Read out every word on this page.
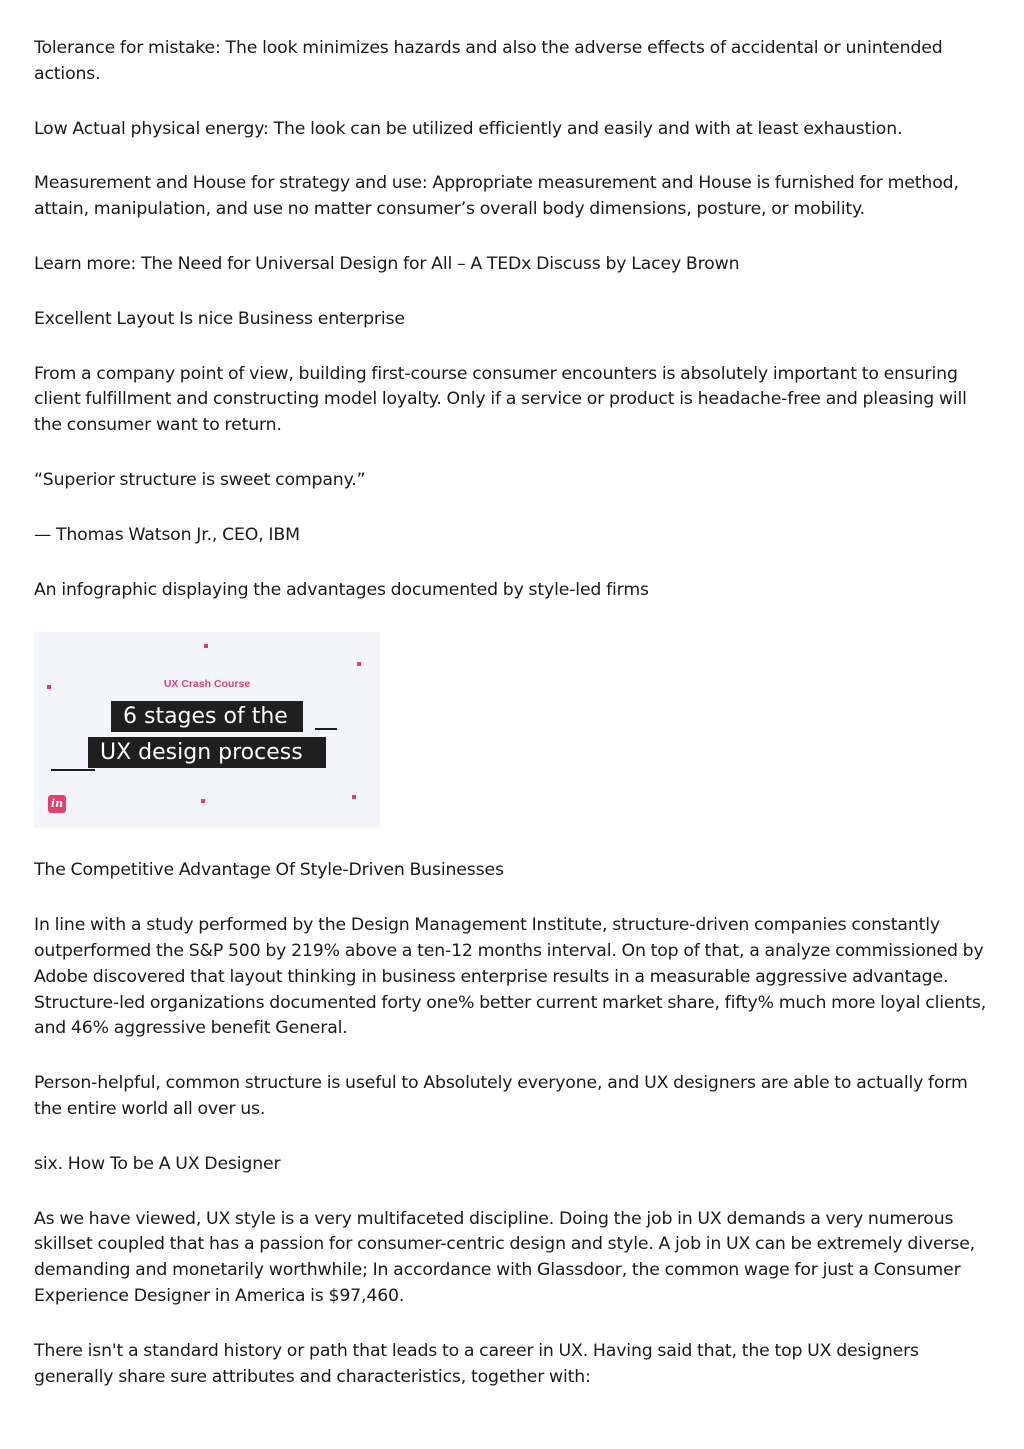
Tolerance for mistake: The look minimizes hazards and also the adverse effects of accidental or unintended actions.

Low Actual physical energy: The look can be utilized efficiently and easily and with at least exhaustion.

Measurement and House for strategy and use: Appropriate measurement and House is furnished for method, attain, manipulation, and use no matter consumer’s overall body dimensions, posture, or mobility.

Learn more: The Need for Universal Design for All – A TEDx Discuss by Lacey Brown

Excellent Layout Is nice Business enterprise

From a company point of view, building first-course consumer encounters is absolutely important to ensuring client fulfillment and constructing model loyalty. Only if a service or product is headache-free and pleasing will the consumer want to return.

“Superior structure is sweet company.”

— Thomas Watson Jr., CEO, IBM

An infographic displaying the advantages documented by style-led firms

UX Crash Course
6 stages of the
UX design process
in

The Competitive Advantage Of Style-Driven Businesses

In line with a study performed by the Design Management Institute, structure-driven companies constantly outperformed the S&P 500 by 219% above a ten-12 months interval. On top of that, a analyze commissioned by Adobe discovered that layout thinking in business enterprise results in a measurable aggressive advantage. Structure-led organizations documented forty one% better current market share, fifty% much more loyal clients, and 46% aggressive benefit General.

Person-helpful, common structure is useful to Absolutely everyone, and UX designers are able to actually form the entire world all over us.

six. How To be A UX Designer

As we have viewed, UX style is a very multifaceted discipline. Doing the job in UX demands a very numerous skillset coupled that has a passion for consumer-centric design and style. A job in UX can be extremely diverse, demanding and monetarily worthwhile; In accordance with Glassdoor, the common wage for just a Consumer Experience Designer in America is $97,460.

There isn't a standard history or path that leads to a career in UX. Having said that, the top UX designers generally share sure attributes and characteristics, together with:
